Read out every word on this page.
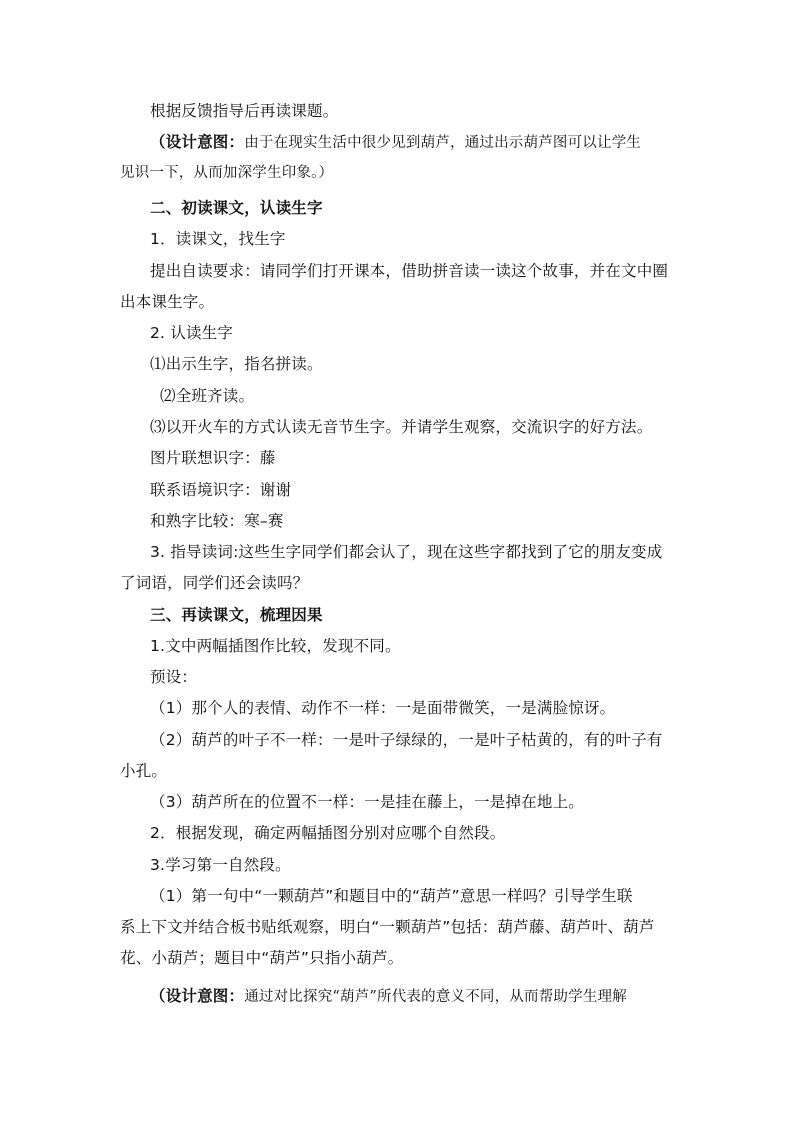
根据反馈指导后再读课题。
（设计意图：由于在现实生活中很少见到葫芦，通过出示葫芦图可以让学生
见识一下，从而加深学生印象。）
二、初读课文，认读生字
1．读课文，找生字
提出自读要求：请同学们打开课本，借助拼音读一读这个故事，并在文中圈
出本课生字。
2. 认读生字
⑴出示生字，指名拼读。
⑵全班齐读。
⑶以开火车的方式认读无音节生字。并请学生观察，交流识字的好方法。
图片联想识字：藤
联系语境识字：谢谢
和熟字比较：寒–赛
3. 指导读词:这些生字同学们都会认了，现在这些字都找到了它的朋友变成
了词语，同学们还会读吗？
三、再读课文，梳理因果
1.文中两幅插图作比较，发现不同。
预设：
（1）那个人的表情、动作不一样：一是面带微笑，一是满脸惊讶。
（2）葫芦的叶子不一样：一是叶子绿绿的，一是叶子枯黄的，有的叶子有
小孔。
（3）葫芦所在的位置不一样：一是挂在藤上，一是掉在地上。
2．根据发现，确定两幅插图分别对应哪个自然段。
3.学习第一自然段。
（1）第一句中“一颗葫芦”和题目中的“葫芦”意思一样吗？引导学生联
系上下文并结合板书贴纸观察，明白“一颗葫芦”包括：葫芦藤、葫芦叶、葫芦
花、小葫芦；题目中“葫芦”只指小葫芦。
（设计意图：通过对比探究“葫芦”所代表的意义不同，从而帮助学生理解
